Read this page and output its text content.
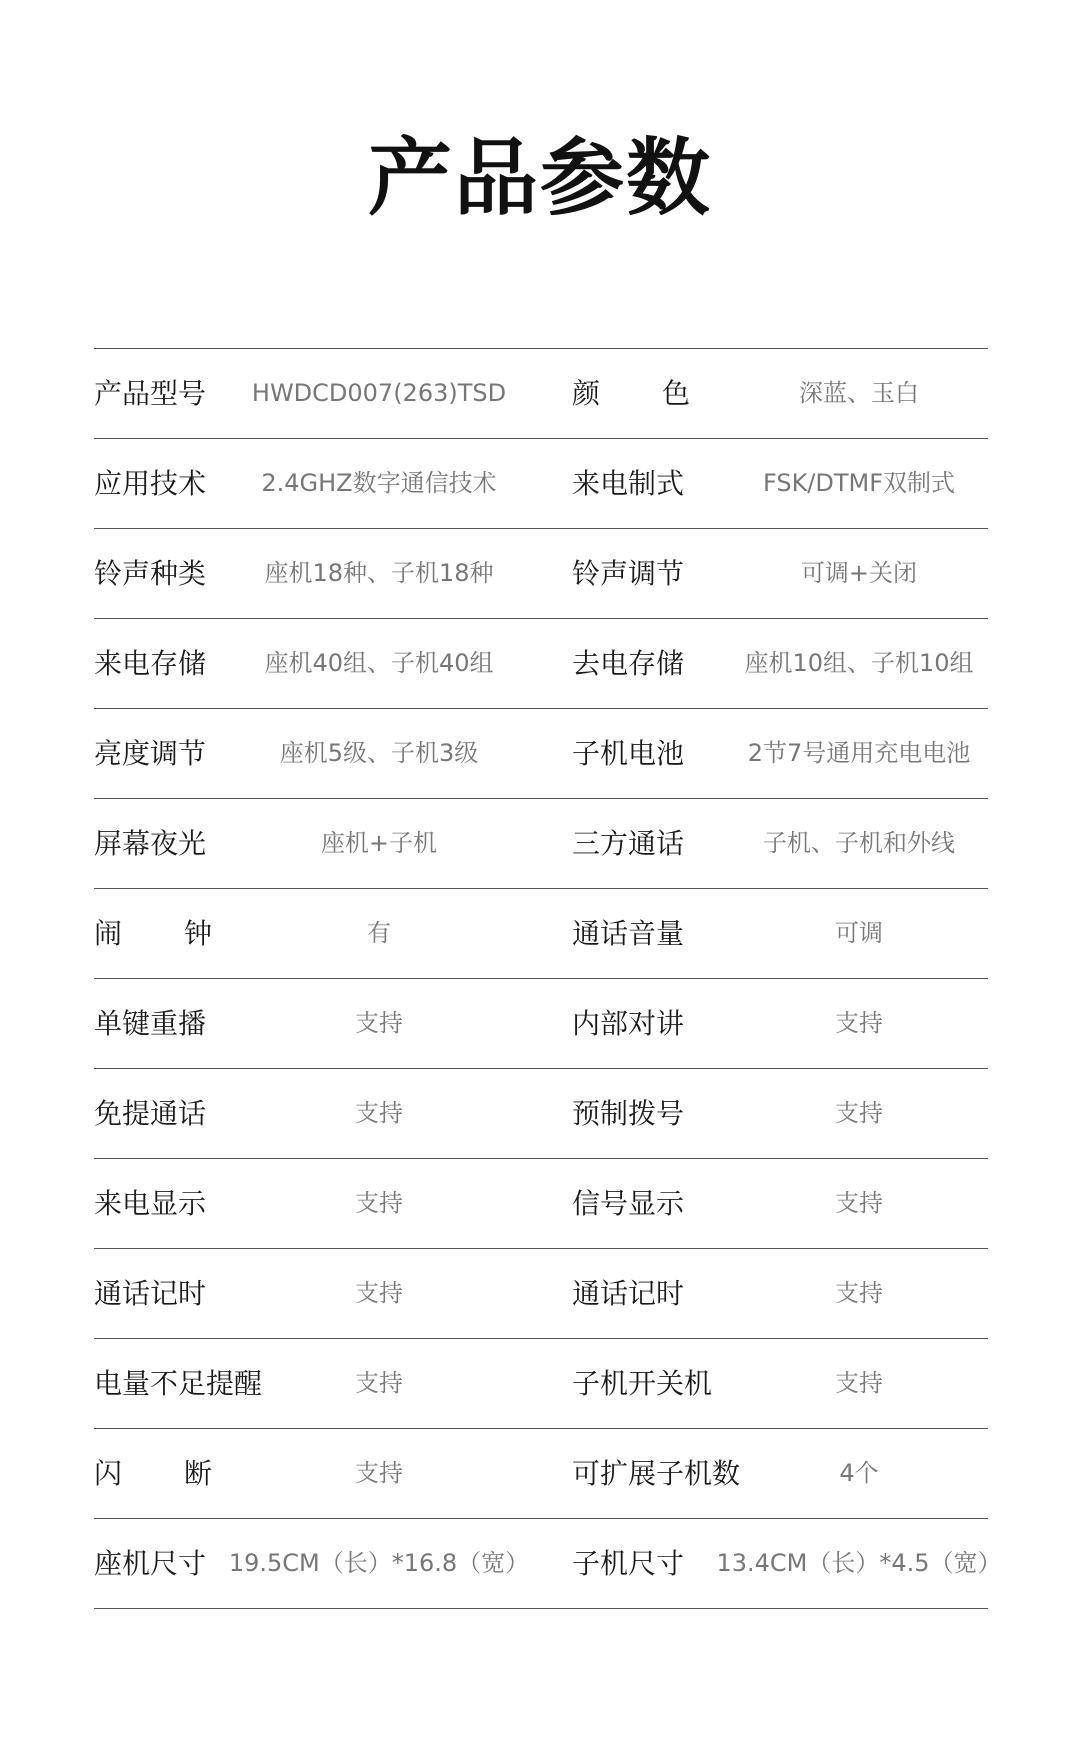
产品参数
产品型号	HWDCD007(263)TSD	颜 色	深蓝、玉白
应用技术	2.4GHZ数字通信技术	来电制式	FSK/DTMF双制式
铃声种类	座机18种、子机18种	铃声调节	可调+关闭
来电存储	座机40组、子机40组	去电存储	座机10组、子机10组
亮度调节	座机5级、子机3级	子机电池	2节7号通用充电电池
屏幕夜光	座机+子机	三方通话	子机、子机和外线
闹 钟	有	通话音量	可调
单键重播	支持	内部对讲	支持
免提通话	支持	预制拨号	支持
来电显示	支持	信号显示	支持
通话记时	支持	通话记时	支持
电量不足提醒	支持	子机开关机	支持
闪 断	支持	可扩展子机数	4个
座机尺寸 19.5CM（长）*16.8（宽） 子机尺寸	13.4CM（长）*4.5（宽）
